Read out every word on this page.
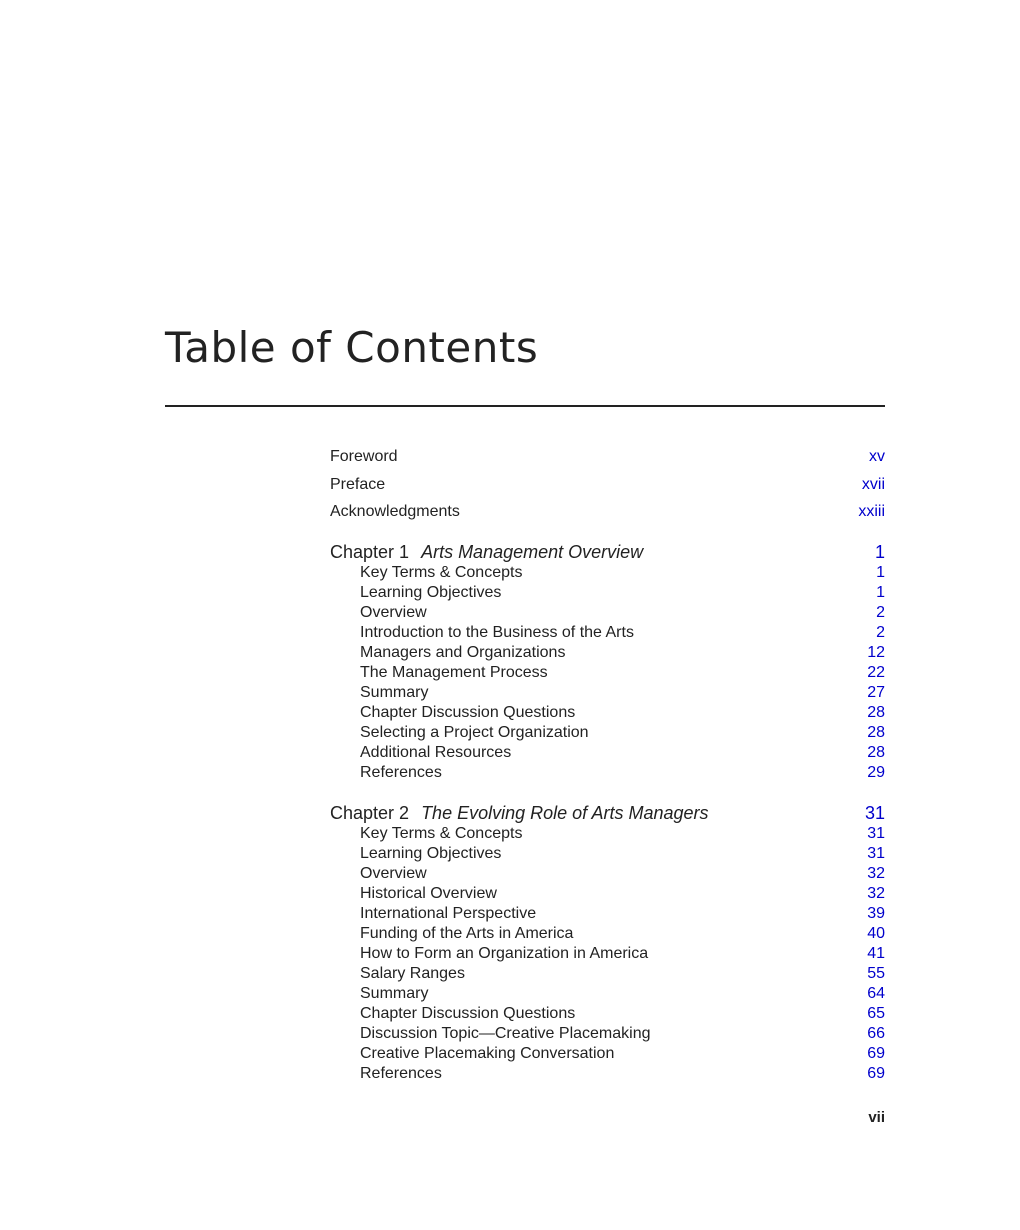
Table of Contents
Foreword	xv
Preface	xvii
Acknowledgments	xxiii
Chapter 1 Arts Management Overview	1
Key Terms & Concepts	1
Learning Objectives	1
Overview	2
Introduction to the Business of the Arts	2
Managers and Organizations	12
The Management Process	22
Summary	27
Chapter Discussion Questions	28
Selecting a Project Organization	28
Additional Resources	28
References	29
Chapter 2 The Evolving Role of Arts Managers	31
Key Terms & Concepts	31
Learning Objectives	31
Overview	32
Historical Overview	32
International Perspective	39
Funding of the Arts in America	40
How to Form an Organization in America	41
Salary Ranges	55
Summary	64
Chapter Discussion Questions	65
Discussion Topic—Creative Placemaking	66
Creative Placemaking Conversation	69
References	69
vii
